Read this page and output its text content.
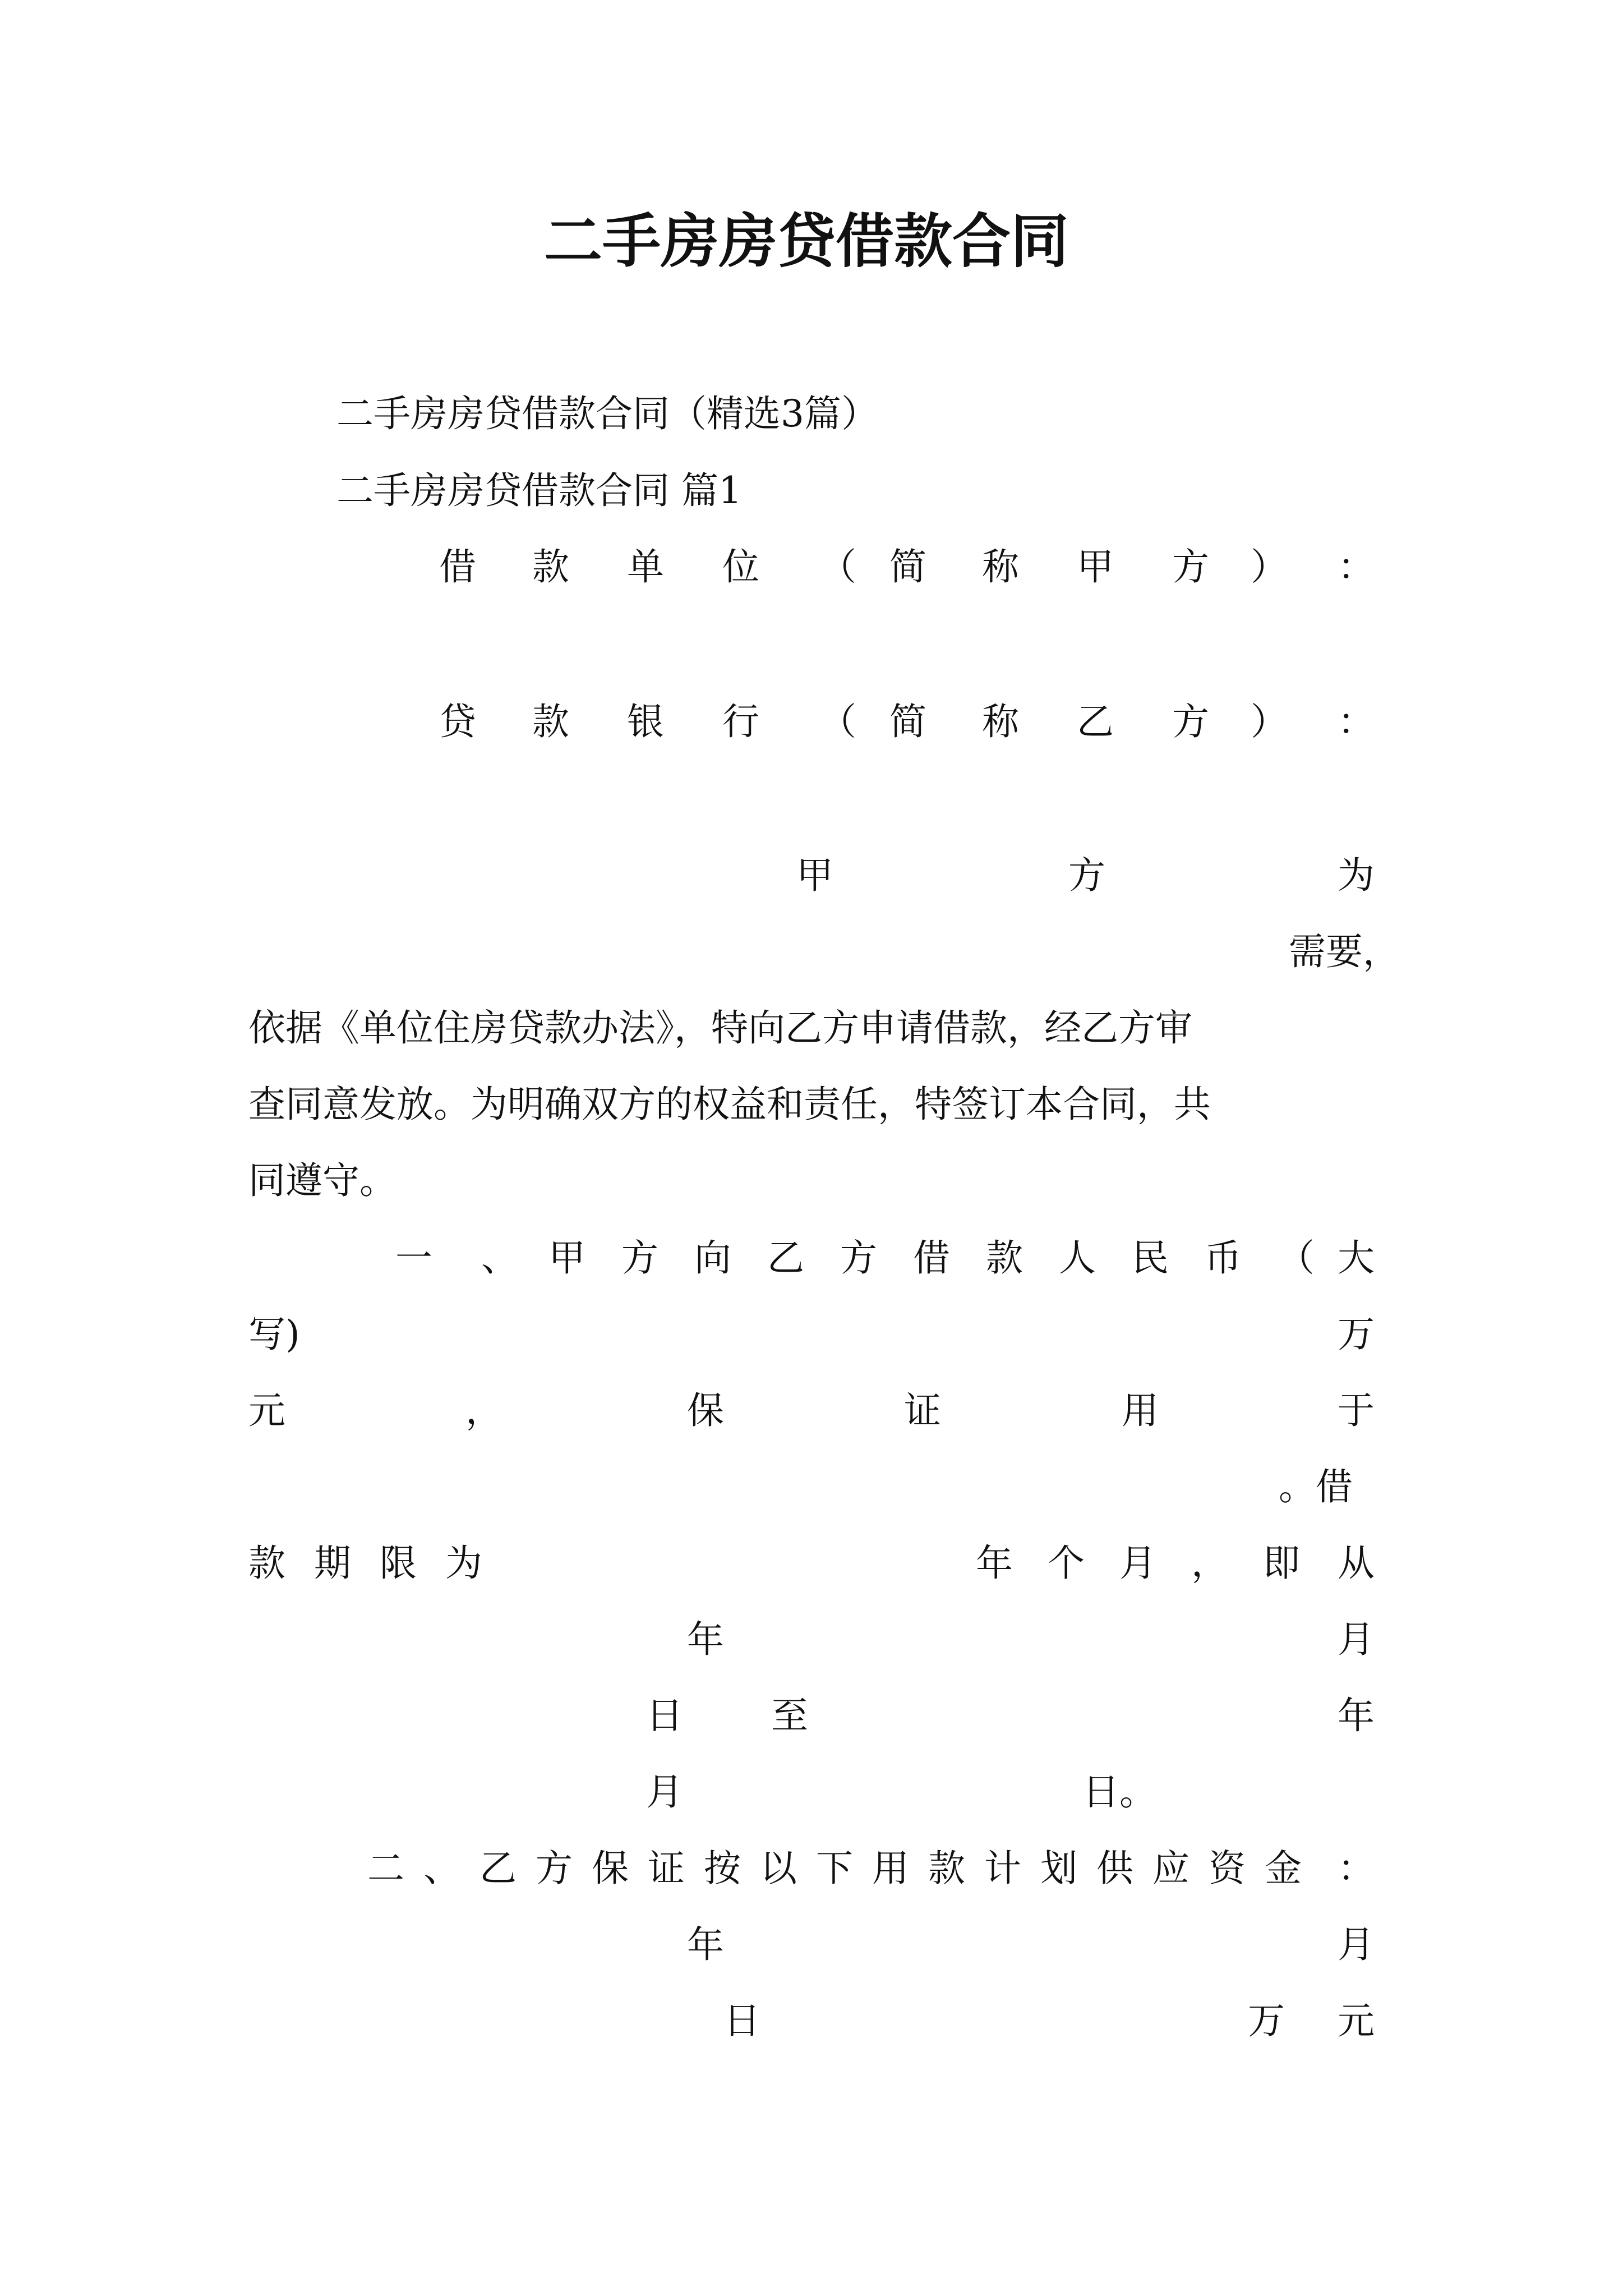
二手房房贷借款合同
二手房房贷借款合同（精选3篇）
二手房房贷借款合同 篇1
借 款 单 位 （ 简 称 甲 方 ） ：
贷 款 银 行 （ 简 称 乙 方 ） ：
甲	方	为
需要，
依据《单位住房贷款办法》，特向乙方申请借款，经乙方审
查同意发放。为明确双方的权益和责任，特签订本合同，共
同遵守。
一 、 甲 方 向 乙 方 借 款 人 民 币 （ 大
写)	万
元	，	保	证	用	于
。借
款 期 限 为	年 个 月 ， 即 从
年	月
日 至	年
月	日。
二 、 乙 方 保 证 按 以 下 用 款 计 划 供 应 资 金 ：
年	月
日	万 元
